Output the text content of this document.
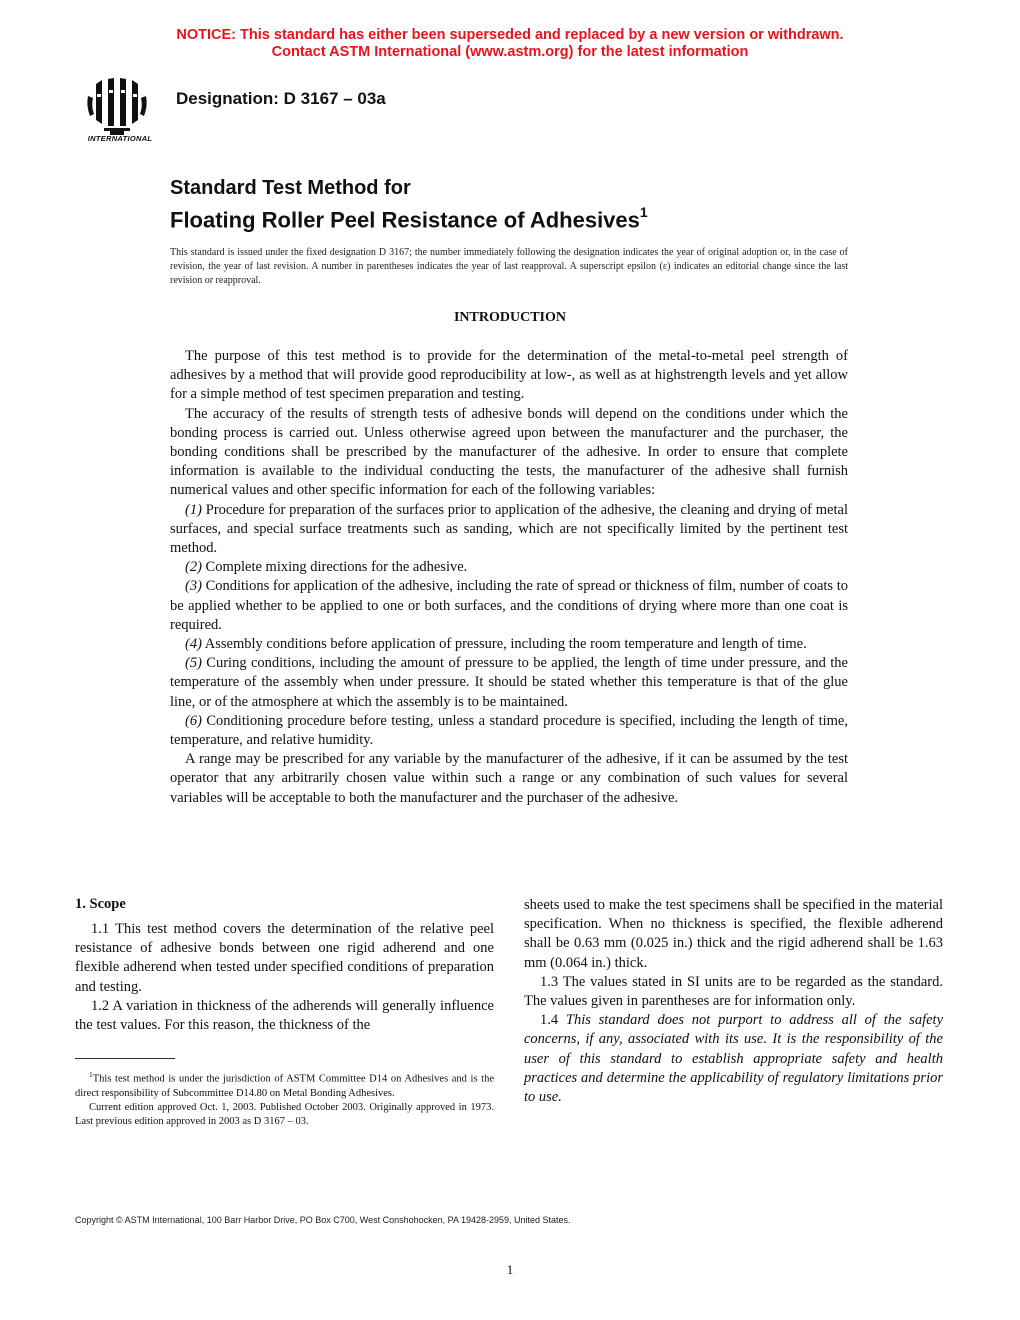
NOTICE: This standard has either been superseded and replaced by a new version or withdrawn.
Contact ASTM International (www.astm.org) for the latest information
INTERNATIONAL
Designation: D 3167 – 03a
Standard Test Method for
Floating Roller Peel Resistance of Adhesives$^1$
This standard is issued under the fixed designation D 3167; the number immediately following the designation indicates the year of original adoption or, in the case of revision, the year of last revision. A number in parentheses indicates the year of last reapproval. A superscript epsilon (ε) indicates an editorial change since the last revision or reapproval.
INTRODUCTION

The purpose of this test method is to provide for the determination of the metal-to-metal peel strength of adhesives by a method that will provide good reproducibility at low-, as well as at highstrength levels and yet allow for a simple method of test specimen preparation and testing.

The accuracy of the results of strength tests of adhesive bonds will depend on the conditions under which the bonding process is carried out. Unless otherwise agreed upon between the manufacturer and the purchaser, the bonding conditions shall be prescribed by the manufacturer of the adhesive. In order to ensure that complete information is available to the individual conducting the tests, the manufacturer of the adhesive shall furnish numerical values and other specific information for each of the following variables:

(1) Procedure for preparation of the surfaces prior to application of the adhesive, the cleaning and drying of metal surfaces, and special surface treatments such as sanding, which are not specifically limited by the pertinent test method.

(2) Complete mixing directions for the adhesive.

(3) Conditions for application of the adhesive, including the rate of spread or thickness of film, number of coats to be applied whether to be applied to one or both surfaces, and the conditions of drying where more than one coat is required.

(4) Assembly conditions before application of pressure, including the room temperature and length of time.

(5) Curing conditions, including the amount of pressure to be applied, the length of time under pressure, and the temperature of the assembly when under pressure. It should be stated whether this temperature is that of the glue line, or of the atmosphere at which the assembly is to be maintained.

(6) Conditioning procedure before testing, unless a standard procedure is specified, including the length of time, temperature, and relative humidity.

A range may be prescribed for any variable by the manufacturer of the adhesive, if it can be assumed by the test operator that any arbitrarily chosen value within such a range or any combination of such values for several variables will be acceptable to both the manufacturer and the purchaser of the adhesive.

1. Scope

1.1 This test method covers the determination of the relative peel resistance of adhesive bonds between one rigid adherend and one flexible adherend when tested under specified conditions of preparation and testing.

1.2 A variation in thickness of the adherends will generally influence the test values. For this reason, the thickness of the

sheets used to make the test specimens shall be specified in the material specification. When no thickness is specified, the flexible adherend shall be 0.63 mm (0.025 in.) thick and the rigid adherend shall be 1.63 mm (0.064 in.) thick.

1.3 The values stated in SI units are to be regarded as the standard. The values given in parentheses are for information only.

1.4 This standard does not purport to address all of the safety concerns, if any, associated with its use. It is the responsibility of the user of this standard to establish appropriate safety and health practices and determine the applicability of regulatory limitations prior to use.

$^1$This test method is under the jurisdiction of ASTM Committee D14 on Adhesives and is the direct responsibility of Subcommittee D14.80 on Metal Bonding Adhesives.

Current edition approved Oct. 1, 2003. Published October 2003. Originally approved in 1973. Last previous edition approved in 2003 as D 3167 – 03.

Copyright © ASTM International, 100 Barr Harbor Drive, PO Box C700, West Conshohocken, PA 19428-2959, United States.
1
